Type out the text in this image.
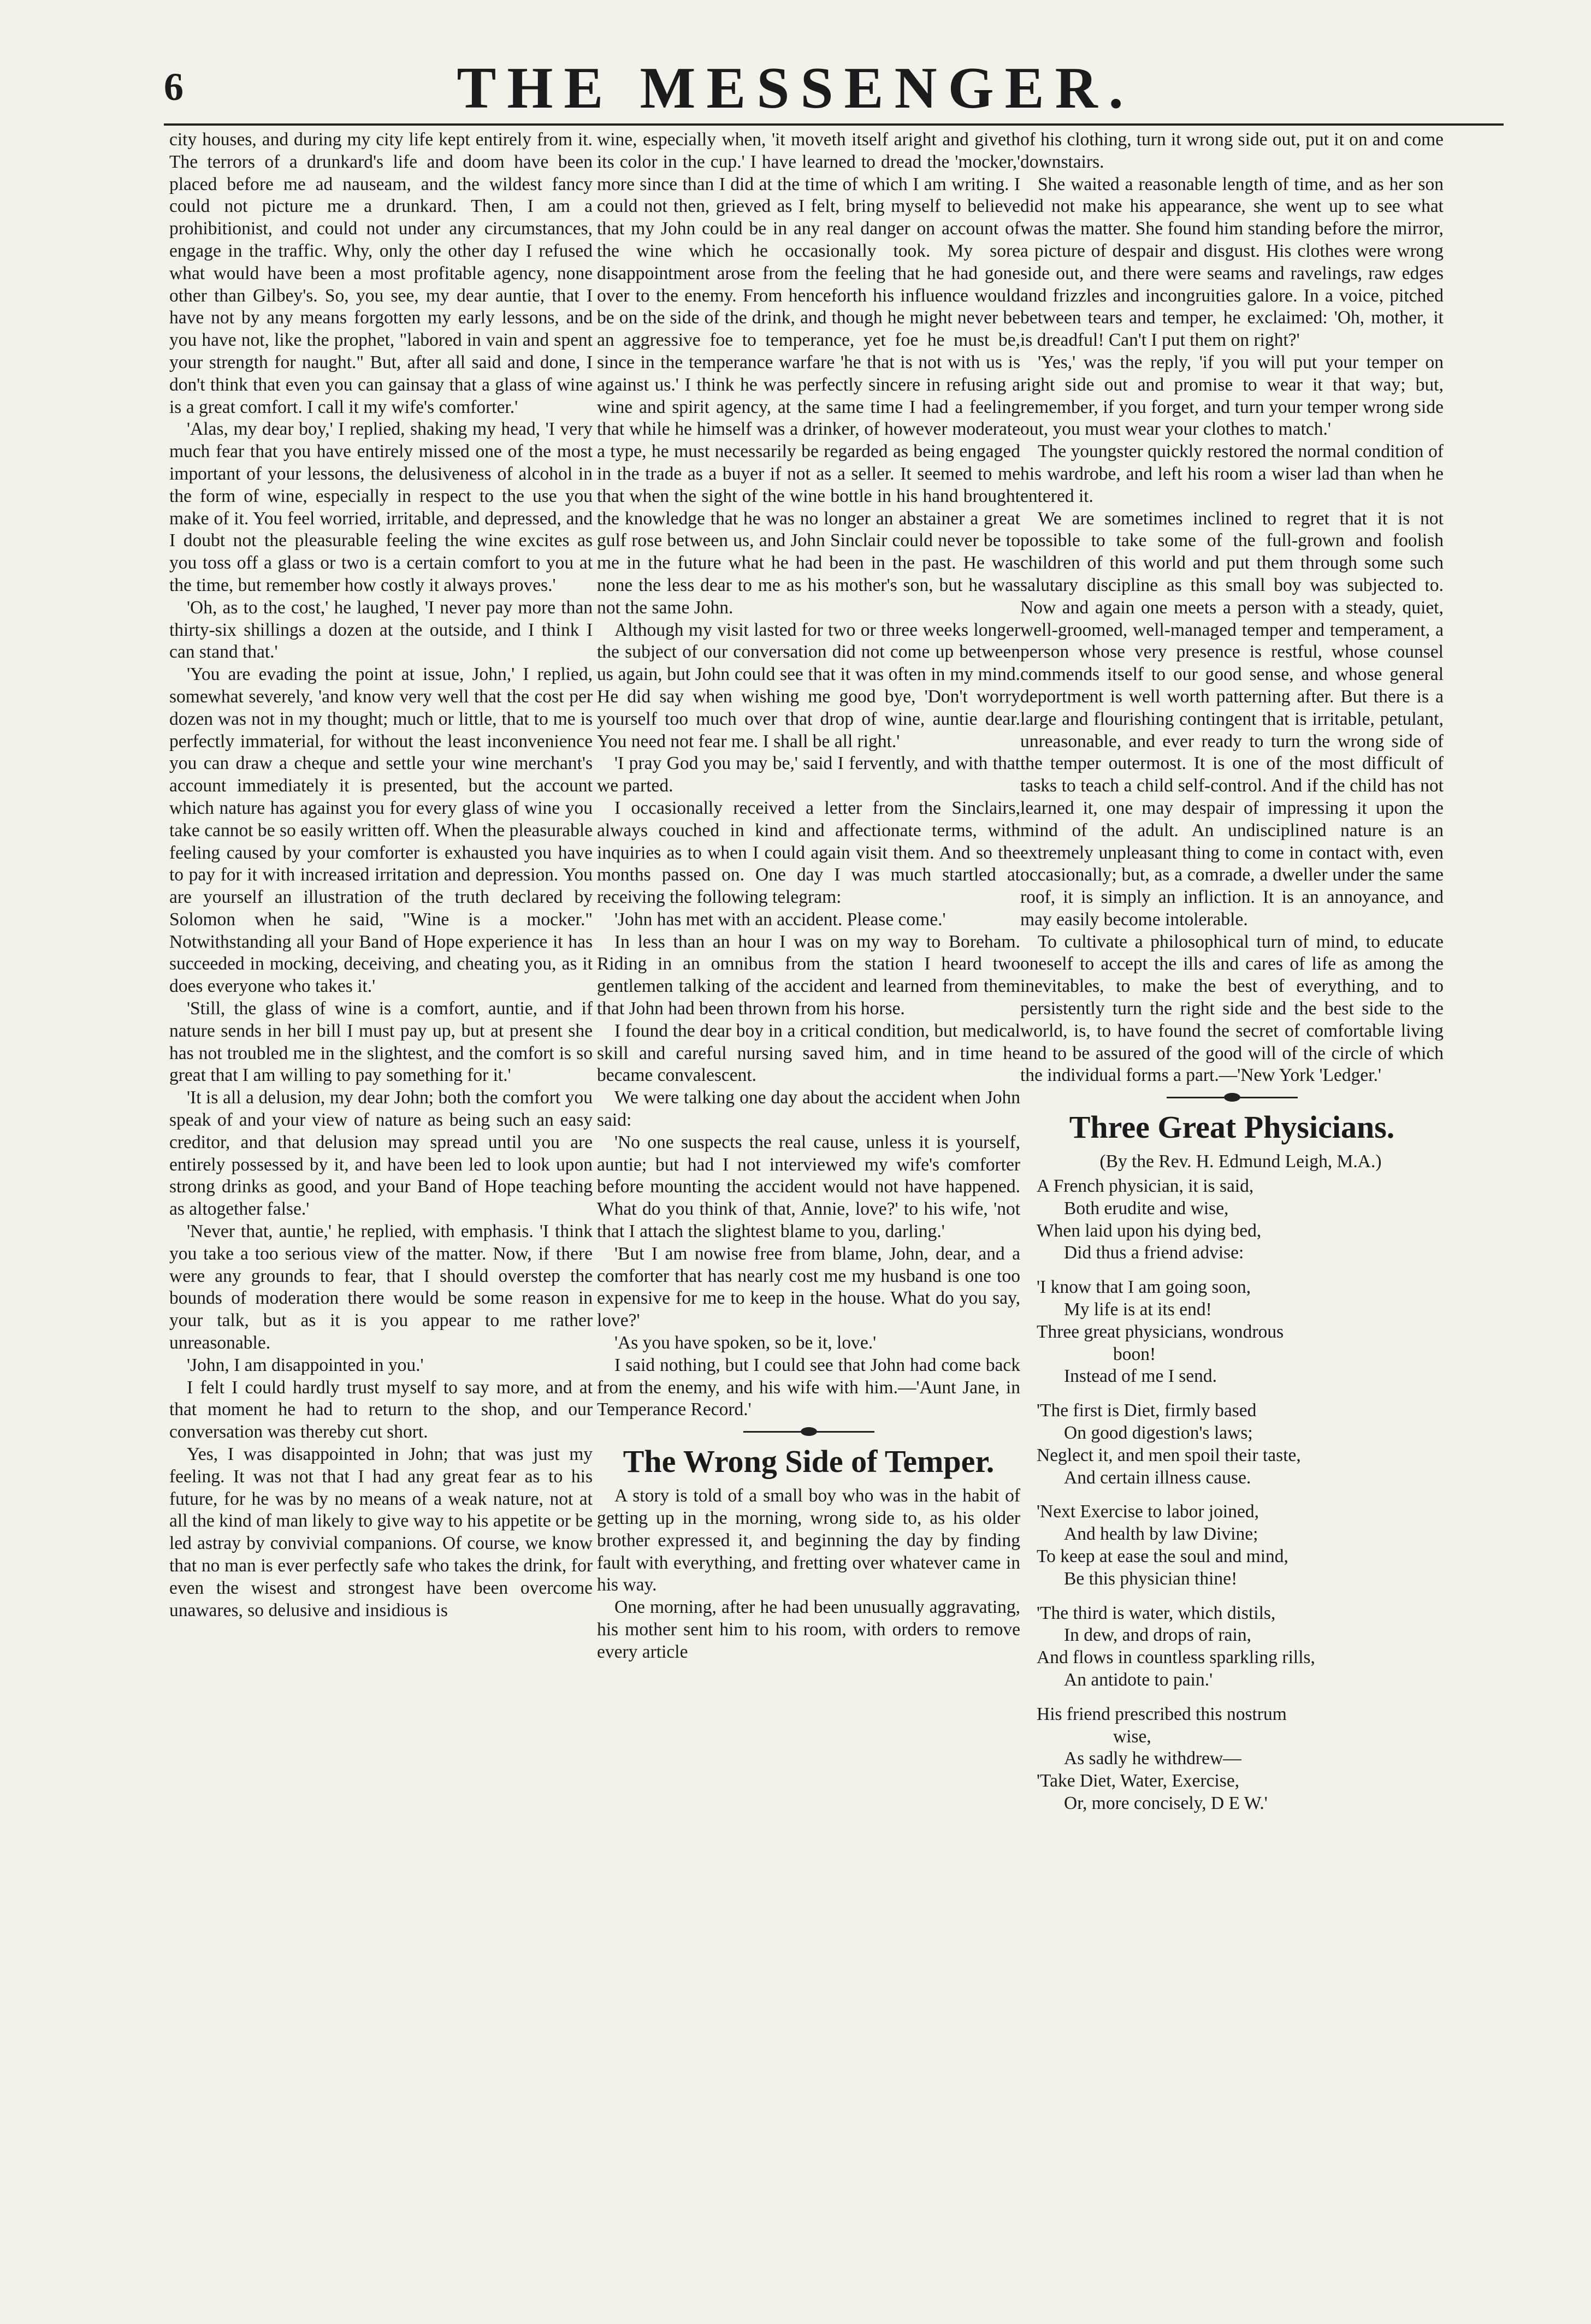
6	THE MESSENGER.

city houses, and during my city life kept entirely from it. The terrors of a drunkard's life and doom have been placed before me ad nauseam, and the wildest fancy could not picture me a drunkard. Then, I am a prohibitionist, and could not under any circumstances, engage in the traffic. Why, only the other day I refused what would have been a most profitable agency, none other than Gilbey's. So, you see, my dear auntie, that I have not by any means forgotten my early lessons, and you have not, like the prophet, "labored in vain and spent your strength for naught." But, after all said and done, I don't think that even you can gainsay that a glass of wine is a great comfort. I call it my wife's comforter.'

'Alas, my dear boy,' I replied, shaking my head, 'I very much fear that you have entirely missed one of the most important of your lessons, the delusiveness of alcohol in the form of wine, especially in respect to the use you make of it. You feel worried, irritable, and depressed, and I doubt not the pleasurable feeling the wine excites as you toss off a glass or two is a certain comfort to you at the time, but remember how costly it always proves.'

'Oh, as to the cost,' he laughed, 'I never pay more than thirty-six shillings a dozen at the outside, and I think I can stand that.'

'You are evading the point at issue, John,' I replied, somewhat severely, 'and know very well that the cost per dozen was not in my thought; much or little, that to me is perfectly immaterial, for without the least inconvenience you can draw a cheque and settle your wine merchant's account immediately it is presented, but the account which nature has against you for every glass of wine you take cannot be so easily written off. When the pleasurable feeling caused by your comforter is exhausted you have to pay for it with increased irritation and depression. You are yourself an illustration of the truth declared by Solomon when he said, "Wine is a mocker." Notwithstanding all your Band of Hope experience it has succeeded in mocking, deceiving, and cheating you, as it does everyone who takes it.'

'Still, the glass of wine is a comfort, auntie, and if nature sends in her bill I must pay up, but at present she has not troubled me in the slightest, and the comfort is so great that I am willing to pay something for it.'

'It is all a delusion, my dear John; both the comfort you speak of and your view of nature as being such an easy creditor, and that delusion may spread until you are entirely possessed by it, and have been led to look upon strong drinks as good, and your Band of Hope teaching as altogether false.'

'Never that, auntie,' he replied, with emphasis. 'I think you take a too serious view of the matter. Now, if there were any grounds to fear, that I should overstep the bounds of moderation there would be some reason in your talk, but as it is you appear to me rather unreasonable.

'John, I am disappointed in you.'

I felt I could hardly trust myself to say more, and at that moment he had to return to the shop, and our conversation was thereby cut short.

Yes, I was disappointed in John; that was just my feeling. It was not that I had any great fear as to his future, for he was by no means of a weak nature, not at all the kind of man likely to give way to his appetite or be led astray by convivial companions. Of course, we know that no man is ever perfectly safe who takes the drink, for even the wisest and strongest have been overcome unawares, so delusive and insidious is

wine, especially when, 'it moveth itself aright and giveth its color in the cup.' I have learned to dread the 'mocker,' more since than I did at the time of which I am writing. I could not then, grieved as I felt, bring myself to believe that my John could be in any real danger on account of the wine which he occasionally took. My sore disappointment arose from the feeling that he had gone over to the enemy. From henceforth his influence would be on the side of the drink, and though he might never be an aggressive foe to temperance, yet foe he must be, since in the temperance warfare 'he that is not with us is against us.' I think he was perfectly sincere in refusing a wine and spirit agency, at the same time I had a feeling that while he himself was a drinker, of however moderate a type, he must necessarily be regarded as being engaged in the trade as a buyer if not as a seller. It seemed to me that when the sight of the wine bottle in his hand brought the knowledge that he was no longer an abstainer a great gulf rose between us, and John Sinclair could never be to me in the future what he had been in the past. He was none the less dear to me as his mother's son, but he was not the same John.

Although my visit lasted for two or three weeks longer the subject of our conversation did not come up between us again, but John could see that it was often in my mind. He did say when wishing me good bye, 'Don't worry yourself too much over that drop of wine, auntie dear. You need not fear me. I shall be all right.'

'I pray God you may be,' said I fervently, and with that we parted.

I occasionally received a letter from the Sinclairs, always couched in kind and affectionate terms, with inquiries as to when I could again visit them. And so the months passed on. One day I was much startled at receiving the following telegram:

'John has met with an accident. Please come.'

In less than an hour I was on my way to Boreham. Riding in an omnibus from the station I heard two gentlemen talking of the accident and learned from them that John had been thrown from his horse.

I found the dear boy in a critical condition, but medical skill and careful nursing saved him, and in time he became convalescent.

We were talking one day about the accident when John said:

'No one suspects the real cause, unless it is yourself, auntie; but had I not interviewed my wife's comforter before mounting the accident would not have happened. What do you think of that, Annie, love?' to his wife, 'not that I attach the slightest blame to you, darling.'

'But I am nowise free from blame, John, dear, and a comforter that has nearly cost me my husband is one too expensive for me to keep in the house. What do you say, love?'

'As you have spoken, so be it, love.'

I said nothing, but I could see that John had come back from the enemy, and his wife with him.—'Aunt Jane, in Temperance Record.'

The Wrong Side of Temper.

A story is told of a small boy who was in the habit of getting up in the morning, wrong side to, as his older brother expressed it, and beginning the day by finding fault with everything, and fretting over whatever came in his way.

One morning, after he had been unusually aggravating, his mother sent him to his room, with orders to remove every article

of his clothing, turn it wrong side out, put it on and come downstairs.

She waited a reasonable length of time, and as her son did not make his appearance, she went up to see what was the matter. She found him standing before the mirror, a picture of despair and disgust. His clothes were wrong side out, and there were seams and ravelings, raw edges and frizzles and incongruities galore. In a voice, pitched between tears and temper, he exclaimed: 'Oh, mother, it is dreadful! Can't I put them on right?'

'Yes,' was the reply, 'if you will put your temper on right side out and promise to wear it that way; but, remember, if you forget, and turn your temper wrong side out, you must wear your clothes to match.'

The youngster quickly restored the normal condition of his wardrobe, and left his room a wiser lad than when he entered it.

We are sometimes inclined to regret that it is not possible to take some of the full-grown and foolish children of this world and put them through some such salutary discipline as this small boy was subjected to. Now and again one meets a person with a steady, quiet, well-groomed, well-managed temper and temperament, a person whose very presence is restful, whose counsel commends itself to our good sense, and whose general deportment is well worth patterning after. But there is a large and flourishing contingent that is irritable, petulant, unreasonable, and ever ready to turn the wrong side of the temper outermost. It is one of the most difficult of tasks to teach a child self-control. And if the child has not learned it, one may despair of impressing it upon the mind of the adult. An undisciplined nature is an extremely unpleasant thing to come in contact with, even occasionally; but, as a comrade, a dweller under the same roof, it is simply an infliction. It is an annoyance, and may easily become intolerable.

To cultivate a philosophical turn of mind, to educate oneself to accept the ills and cares of life as among the inevitables, to make the best of everything, and to persistently turn the right side and the best side to the world, is, to have found the secret of comfortable living and to be assured of the good will of the circle of which the individual forms a part.—'New York 'Ledger.'

Three Great Physicians.

(By the Rev. H. Edmund Leigh, M.A.)

A French physician, it is said,
Both erudite and wise,
When laid upon his dying bed,
Did thus a friend advise:
'I know that I am going soon,
My life is at its end!
Three great physicians, wondrous
boon!
Instead of me I send.
'The first is Diet, firmly based
On good digestion's laws;
Neglect it, and men spoil their taste,
And certain illness cause.
'Next Exercise to labor joined,
And health by law Divine;
To keep at ease the soul and mind,
Be this physician thine!
'The third is water, which distils,
In dew, and drops of rain,
And flows in countless sparkling rills,
An antidote to pain.'
His friend prescribed this nostrum
wise,
As sadly he withdrew—
'Take Diet, Water, Exercise,
Or, more concisely, D E W.'
